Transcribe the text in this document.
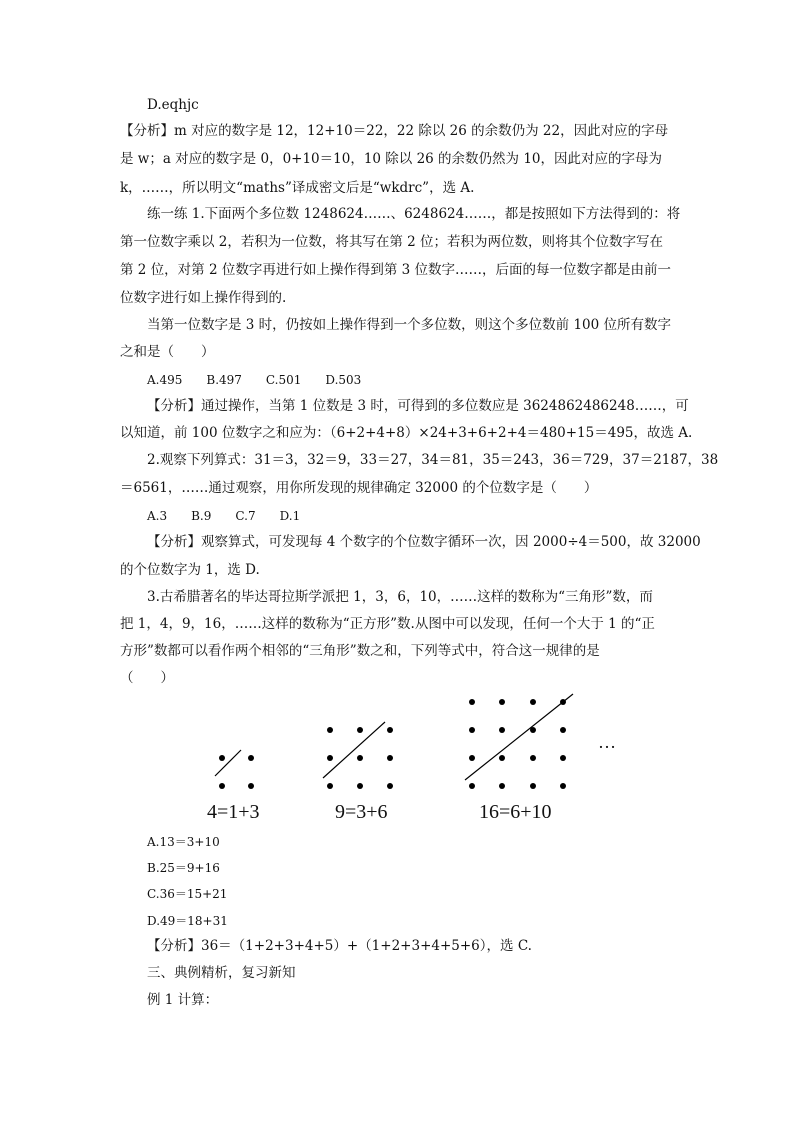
D.eqhjc
【分析】m 对应的数字是 12，12+10＝22，22 除以 26 的余数仍为 22，因此对应的字母
是 w；a 对应的数字是 0，0+10＝10，10 除以 26 的余数仍然为 10，因此对应的字母为
k，……，所以明文“maths”译成密文后是“wkdrc”，选 A.
练一练 1.下面两个多位数 1248624……、6248624……，都是按照如下方法得到的：将
第一位数字乘以 2，若积为一位数，将其写在第 2 位；若积为两位数，则将其个位数字写在
第 2 位，对第 2 位数字再进行如上操作得到第 3 位数字……，后面的每一位数字都是由前一
位数字进行如上操作得到的.
当第一位数字是 3 时，仍按如上操作得到一个多位数，则这个多位数前 100 位所有数字
之和是（　　）
A.495　　B.497　　C.501　　D.503
【分析】通过操作，当第 1 位数是 3 时，可得到的多位数应是 3624862486248……，可
以知道，前 100 位数字之和应为：（6+2+4+8）×24+3+6+2+4＝480+15＝495，故选 A.
2.观察下列算式：31＝3，32＝9，33＝27，34＝81，35＝243，36＝729，37＝2187，38
＝6561，……通过观察，用你所发现的规律确定 32000 的个位数字是（　　）
A.3　　B.9　　C.7　　D.1
【分析】观察算式，可发现每 4 个数字的个位数字循环一次，因 2000÷4＝500，故 32000
的个位数字为 1，选 D.
3.古希腊著名的毕达哥拉斯学派把 1，3，6，10，……这样的数称为“三角形”数，而
把 1，4，9，16，……这样的数称为“正方形”数.从图中可以发现，任何一个大于 1 的“正
方形”数都可以看作两个相邻的“三角形”数之和，下列等式中，符合这一规律的是
（　　）
…
4=1+3	9=3+6	16=6+10
A.13＝3+10
B.25＝9+16
C.36＝15+21
D.49＝18+31
【分析】36＝（1+2+3+4+5）+（1+2+3+4+5+6），选 C.
三、典例精析，复习新知
例 1 计算：
